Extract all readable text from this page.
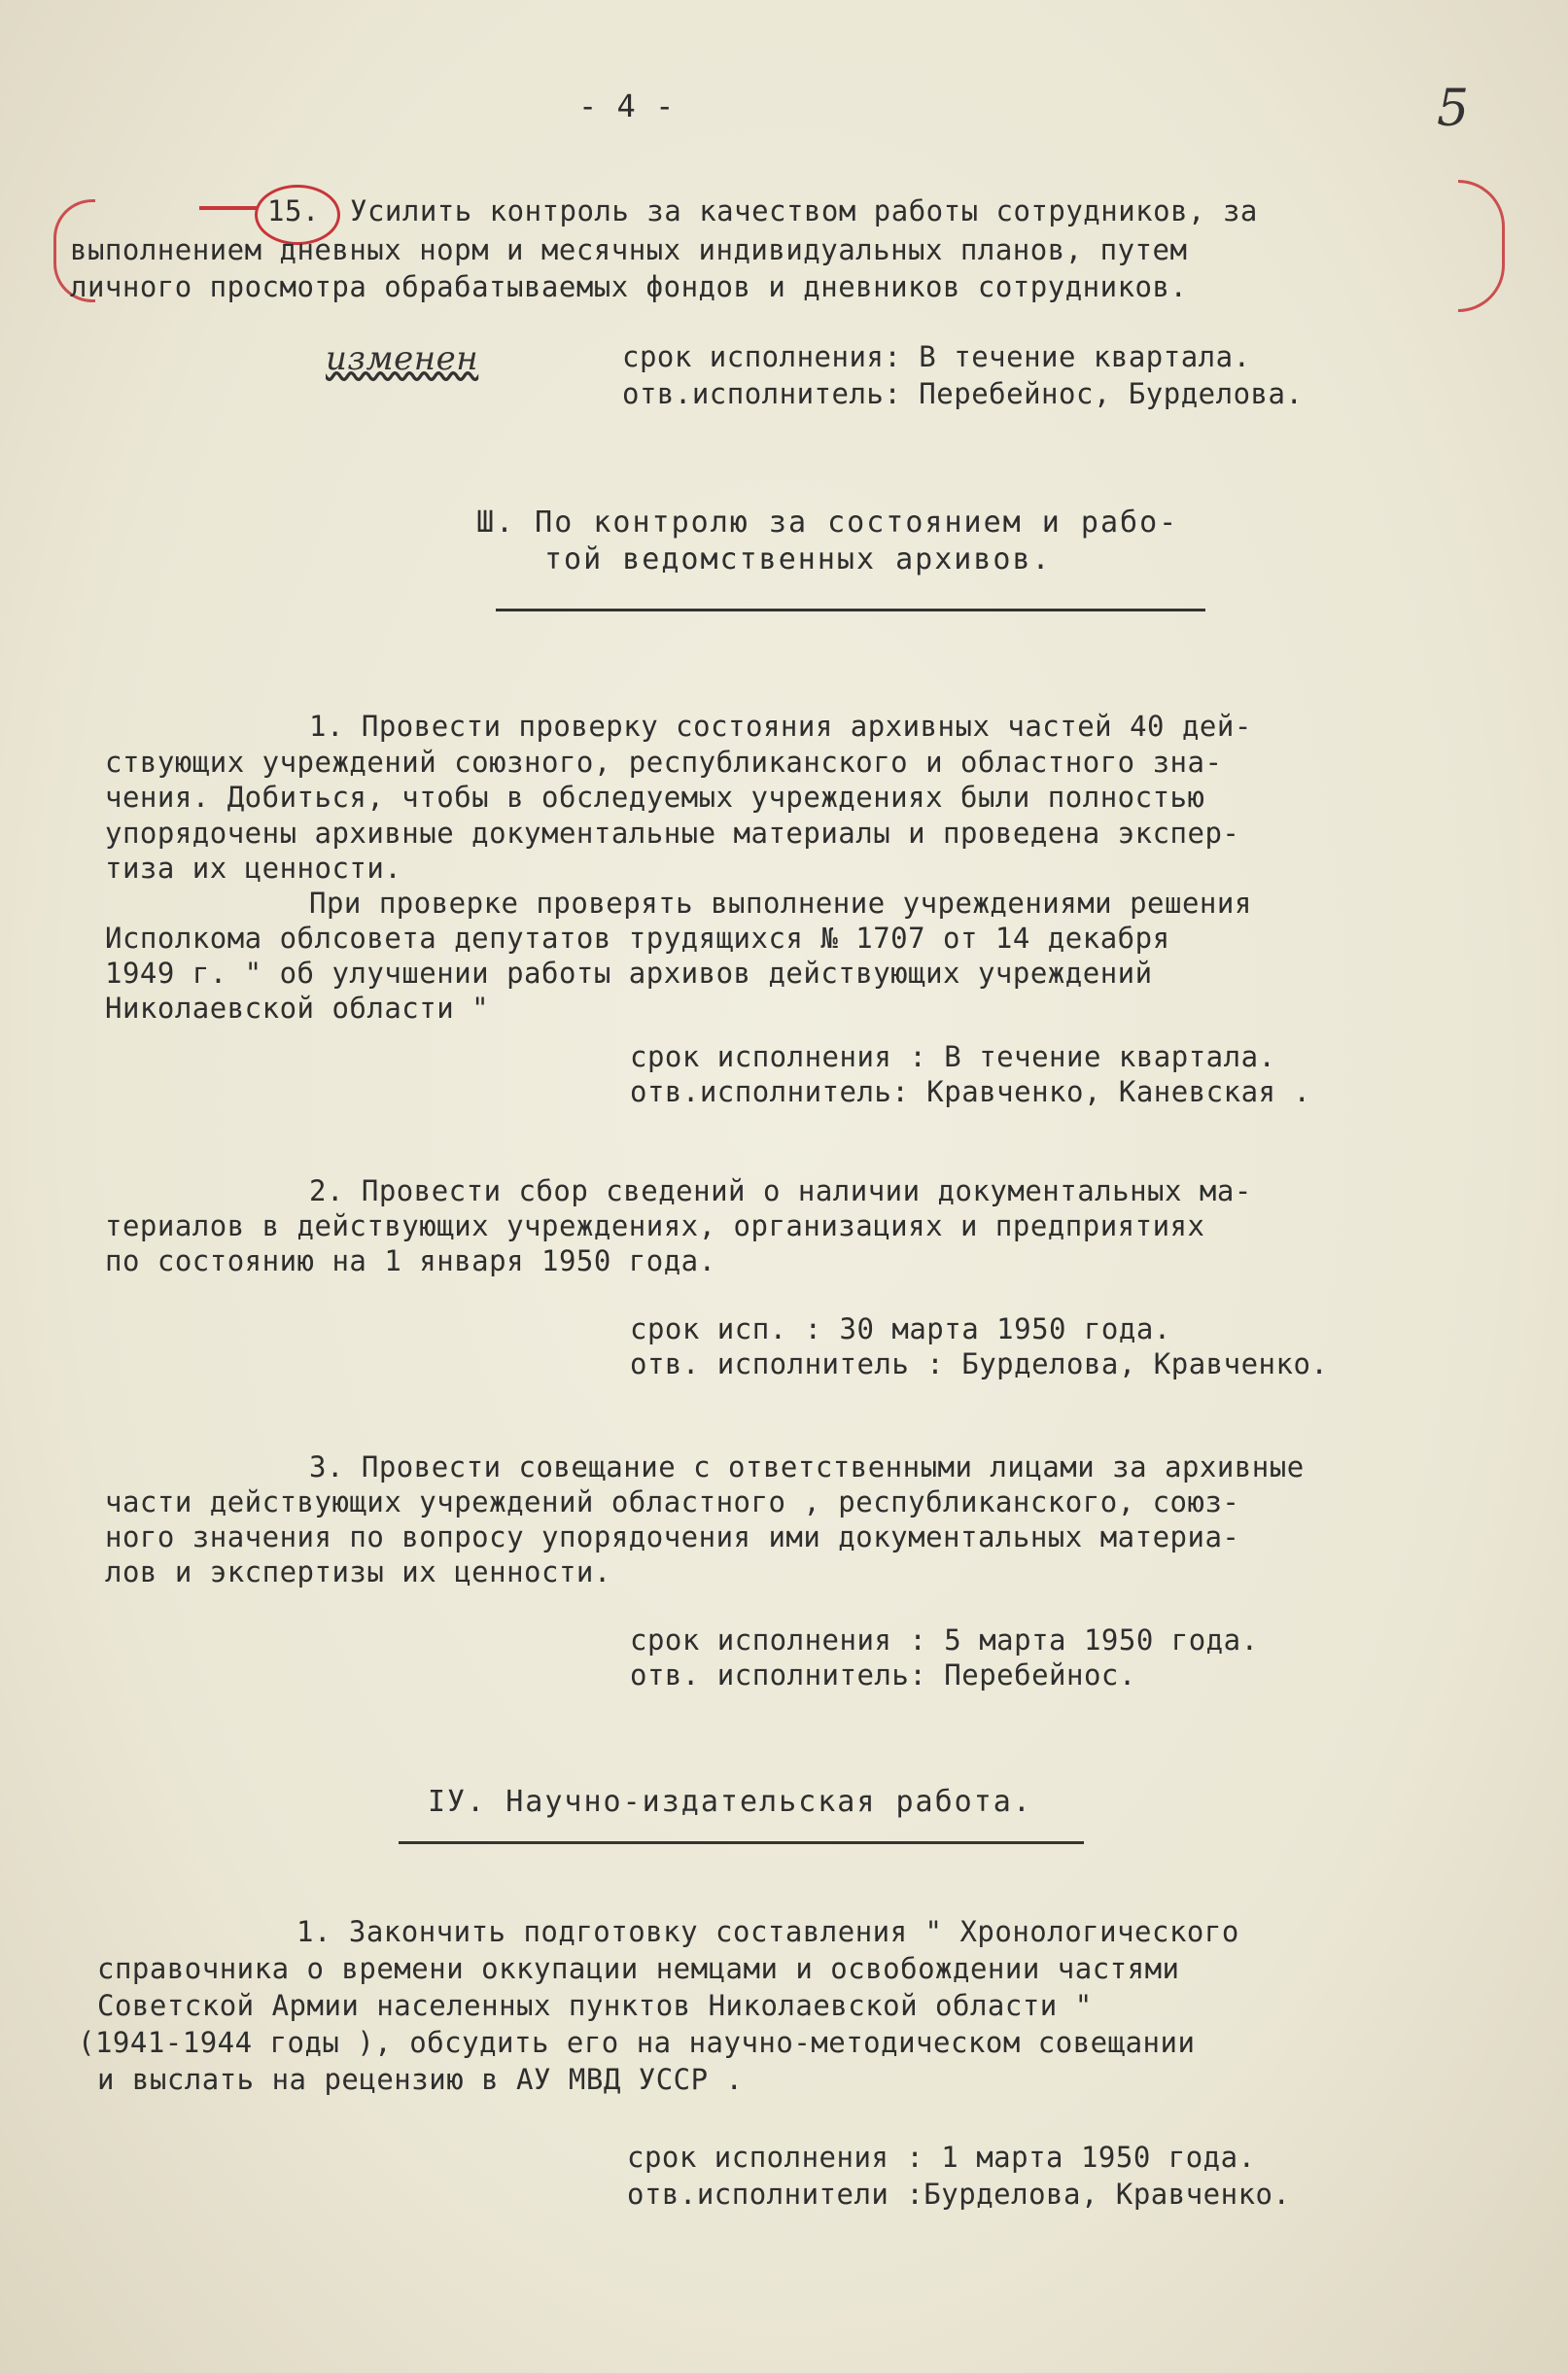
- 4 -	5
15. Усилить контроль за качеством работы сотрудников, за
выполнением дневных норм и месячных индивидуальных планов, путем
личного просмотра обрабатываемых фондов и дневников сотрудников.
изменен	срок исполнения: В течение квартала.
отв.исполнитель: Перебейнос, Бурделова.
Ш. По контролю за состоянием и рабо-
той ведомственных архивов.
1. Провести проверку состояния архивных частей 40 дей-
ствующих учреждений союзного, республиканского и областного зна-
чения. Добиться, чтобы в обследуемых учреждениях были полностью
упорядочены архивные документальные материалы и проведена экспер-
тиза их ценности.
При проверке проверять выполнение учреждениями решения
Исполкома облсовета депутатов трудящихся № 1707 от 14 декабря
1949 г. " об улучшении работы архивов действующих учреждений
Николаевской области "
срок исполнения : В течение квартала.
отв.исполнитель: Кравченко, Каневская .
2. Провести сбор сведений о наличии документальных ма-
териалов в действующих учреждениях, организациях и предприятиях
по состоянию на 1 января 1950 года.
срок исп. : 30 марта 1950 года.
отв. исполнитель : Бурделова, Кравченко.
3. Провести совещание с ответственными лицами за архивные
части действующих учреждений областного , республиканского, союз-
ного значения по вопросу упорядочения ими документальных материа-
лов и экспертизы их ценности.
срок исполнения : 5 марта 1950 года.
отв. исполнитель: Перебейнос.
IУ. Научно-издательская работа.
1. Закончить подготовку составления " Хронологического
справочника о времени оккупации немцами и освобождении частями
Советской Армии населенных пунктов Николаевской области "
(1941-1944 годы ), обсудить его на научно-методическом совещании
и выслать на рецензию в АУ МВД УССР .
срок исполнения : 1 марта 1950 года.
отв.исполнители :Бурделова, Кравченко.
